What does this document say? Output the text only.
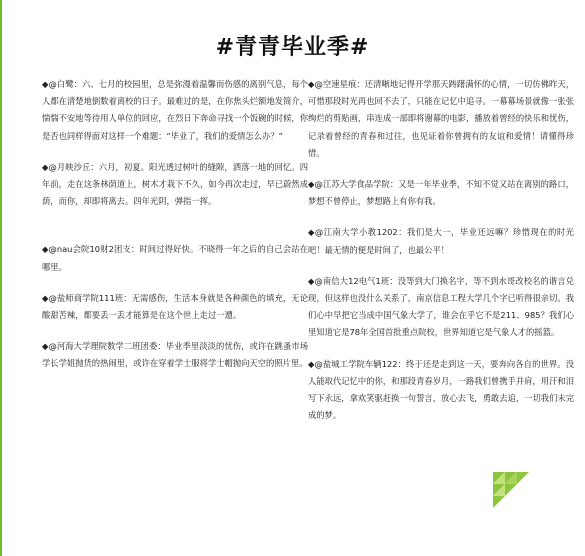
#青青毕业季#

◆@白鹭：六、七月的校园里，总是弥漫着温馨而伤感的离别气息，每个人都在清楚地倒数着离校的日子。最难过的是，在你焦头烂额地发简介，惴惴不安地等待用人单位的回应，在烈日下奔命寻找一个饭碗的时候，你是否也同样得面对这样一个难题：“毕业了，我们的爱情怎么办？”

◆@月映沙丘：六月，初夏。阳光透过树叶的缝隙，洒落一地的回忆。四年前，走在这条林荫道上，树木才栽下不久，如今再次走过，早已蔚然成荫，而你，却即将离去。四年光阴，弹指一挥。

◆@nau会院10财2团支：时间过得好快。不晓得一年之后的自己会站在哪里。

◆@盐师商学院111班：无需感伤，生活本身就是各种颜色的填充，无论酸甜苦辣，都要丢一丢才能算是在这个世上走过一遭。

◆@河海大学理院数学二班团委：毕业季里淡淡的忧伤，或许在跳蚤市场学长学姐抛货的热闹里，或许在穿着学士服将学士帽抛向天空的照片里。

◆@空速星痕：还清晰地记得开学那天踌躇满怀的心情，一切仿佛昨天，可惜那段时光再也回不去了，只能在记忆中追寻。一幕幕场景就像一张张绚烂的剪贴画，串连成一部即将谢幕的电影，播放着曾经的快乐和忧伤，记录着曾经的青春和过往，也见证着你曾拥有的友谊和爱情！请懂得珍惜。

◆@江苏大学食品学院：又是一年毕业季，不知不觉又站在离别的路口，梦想不曾停止，梦想路上有你有我。

◆@江南大学小教1202：我们是大一，毕业还远嘛？珍惜现在的时光吧！最无情的便是时间了，也最公平！

◆@南信大12电气1班：没等到大门换名字，等不到水哥改校名的谐言兑现，但这样也没什么关系了，南京信息工程大学几个字已听得很亲切。我们心中早把它当成中国气象大学了，谁会在乎它不是211、985？我们心里知道它是78年全国首批重点院校，世界知道它是气象人才的摇篮。

◆@盐城工学院车辆122：终于还是走到这一天，要奔向各自的世界。没人能取代记忆中的你，和那段青春岁月，一路我们曾携手并肩，用汗和泪写下永远，拿欢笑驱赶换一句誓言，放心去飞，勇敢去追，一切我们未完成的梦。
